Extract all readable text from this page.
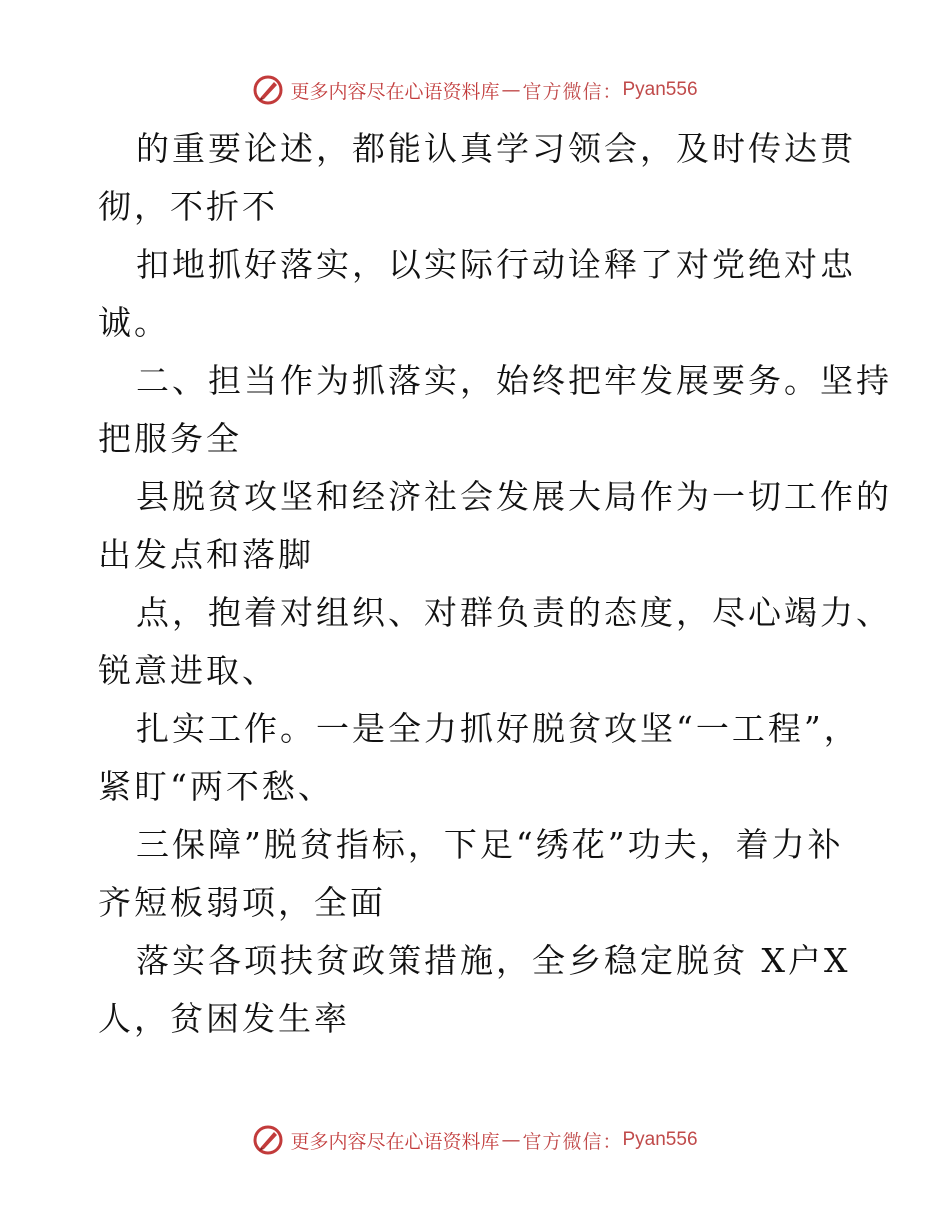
更多内容尽在心语资料库 — 官方微信： Pyan556
的重要论述，都能认真学习领会，及时传达贯
彻，不折不
扣地抓好落实，以实际行动诠释了对党绝对忠
诚。
二、担当作为抓落实，始终把牢发展要务。坚持
把服务全
县脱贫攻坚和经济社会发展大局作为一切工作的
出发点和落脚
点，抱着对组织、对群负责的态度，尽心竭力、
锐意进取、
扎实工作。一是全力抓好脱贫攻坚“一工程”，
紧盯“两不愁、
三保障”脱贫指标，下足“绣花”功夫，着力补
齐短板弱项，全面
落实各项扶贫政策措施，全乡稳定脱贫 X户X
人，贫困发生率
更多内容尽在心语资料库 — 官方微信： Pyan556
